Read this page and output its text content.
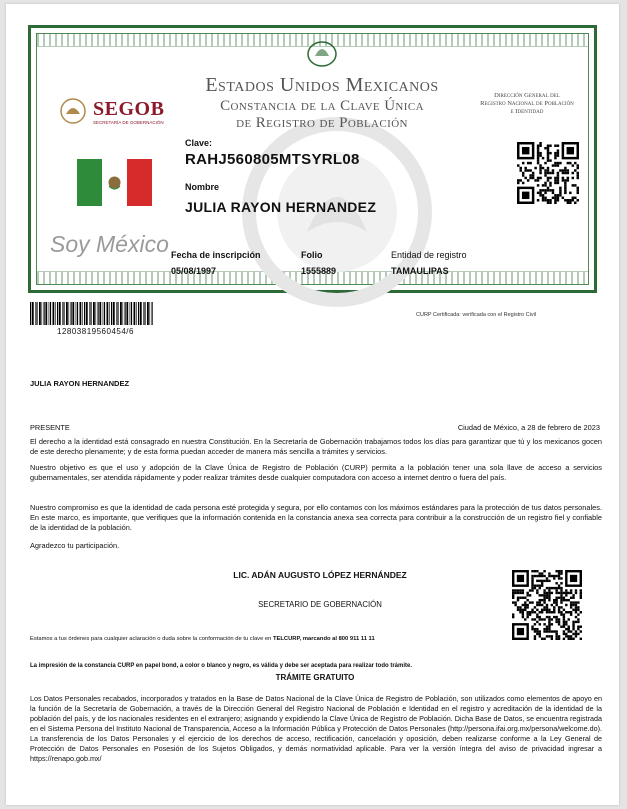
Estados Unidos Mexicanos
Constancia de la Clave Única
de Registro de Población
Dirección General del
Registro Nacional de Población
e Identidad
SEGOB
SECRETARÍA DE GOBERNACIÓN
Soy México
Clave:
RAHJ560805MTSYRL08
Nombre
JULIA RAYON HERNANDEZ
Fecha de inscripción
05/08/1997
Folio
1555889
Entidad de registro
TAMAULIPAS
12803819560454/6
CURP Certificada: verificada con el Registro Civil
JULIA RAYON HERNANDEZ
PRESENTE	Ciudad de México, a 28 de febrero de 2023
El derecho a la identidad está consagrado en nuestra Constitución. En la Secretaría de Gobernación trabajamos todos los días para garantizar que tú y los mexicanos gocen de este derecho plenamente; y de esta forma puedan acceder de manera más sencilla a trámites y servicios.
Nuestro objetivo es que el uso y adopción de la Clave Única de Registro de Población (CURP) permita a la población tener una sola llave de acceso a servicios gubernamentales, ser atendida rápidamente y poder realizar trámites desde cualquier computadora con acceso a internet dentro o fuera del país.
Nuestro compromiso es que la identidad de cada persona esté protegida y segura, por ello contamos con los máximos estándares para la protección de tus datos personales. En este marco, es importante, que verifiques que la información contenida en la constancia anexa sea correcta para contribuir a la construcción de un registro fiel y confiable de la identidad de la población.
Agradezco tu participación.
LIC. ADÁN AUGUSTO LÓPEZ HERNÁNDEZ
SECRETARIO DE GOBERNACIÓN
Estamos a tus órdenes para cualquier aclaración o duda sobre la conformación de tu clave en TELCURP, marcando al 800 911 11 11
La impresión de la constancia CURP en papel bond, a color o blanco y negro, es válida y debe ser aceptada para realizar todo trámite.
TRÁMITE GRATUITO
Los Datos Personales recabados, incorporados y tratados en la Base de Datos Nacional de la Clave Única de Registro de Población, son utilizados como elementos de apoyo en la función de la Secretaría de Gobernación, a través de la Dirección General del Registro Nacional de Población e Identidad en el registro y acreditación de la identidad de la población del país, y de los nacionales residentes en el extranjero; asignando y expidiendo la Clave Única de Registro de Población. Dicha Base de Datos, se encuentra registrada en el Sistema Persona del Instituto Nacional de Transparencia, Acceso a la Información Pública y Protección de Datos Personales (http://persona.ifai.org.mx/persona/welcome.do). La transferencia de los Datos Personales y el ejercicio de los derechos de acceso, rectificación, cancelación y oposición, deben realizarse conforme a la Ley General de Protección de Datos Personales en Posesión de los Sujetos Obligados, y demás normatividad aplicable. Para ver la versión íntegra del aviso de privacidad ingresar a https://renapo.gob.mx/
